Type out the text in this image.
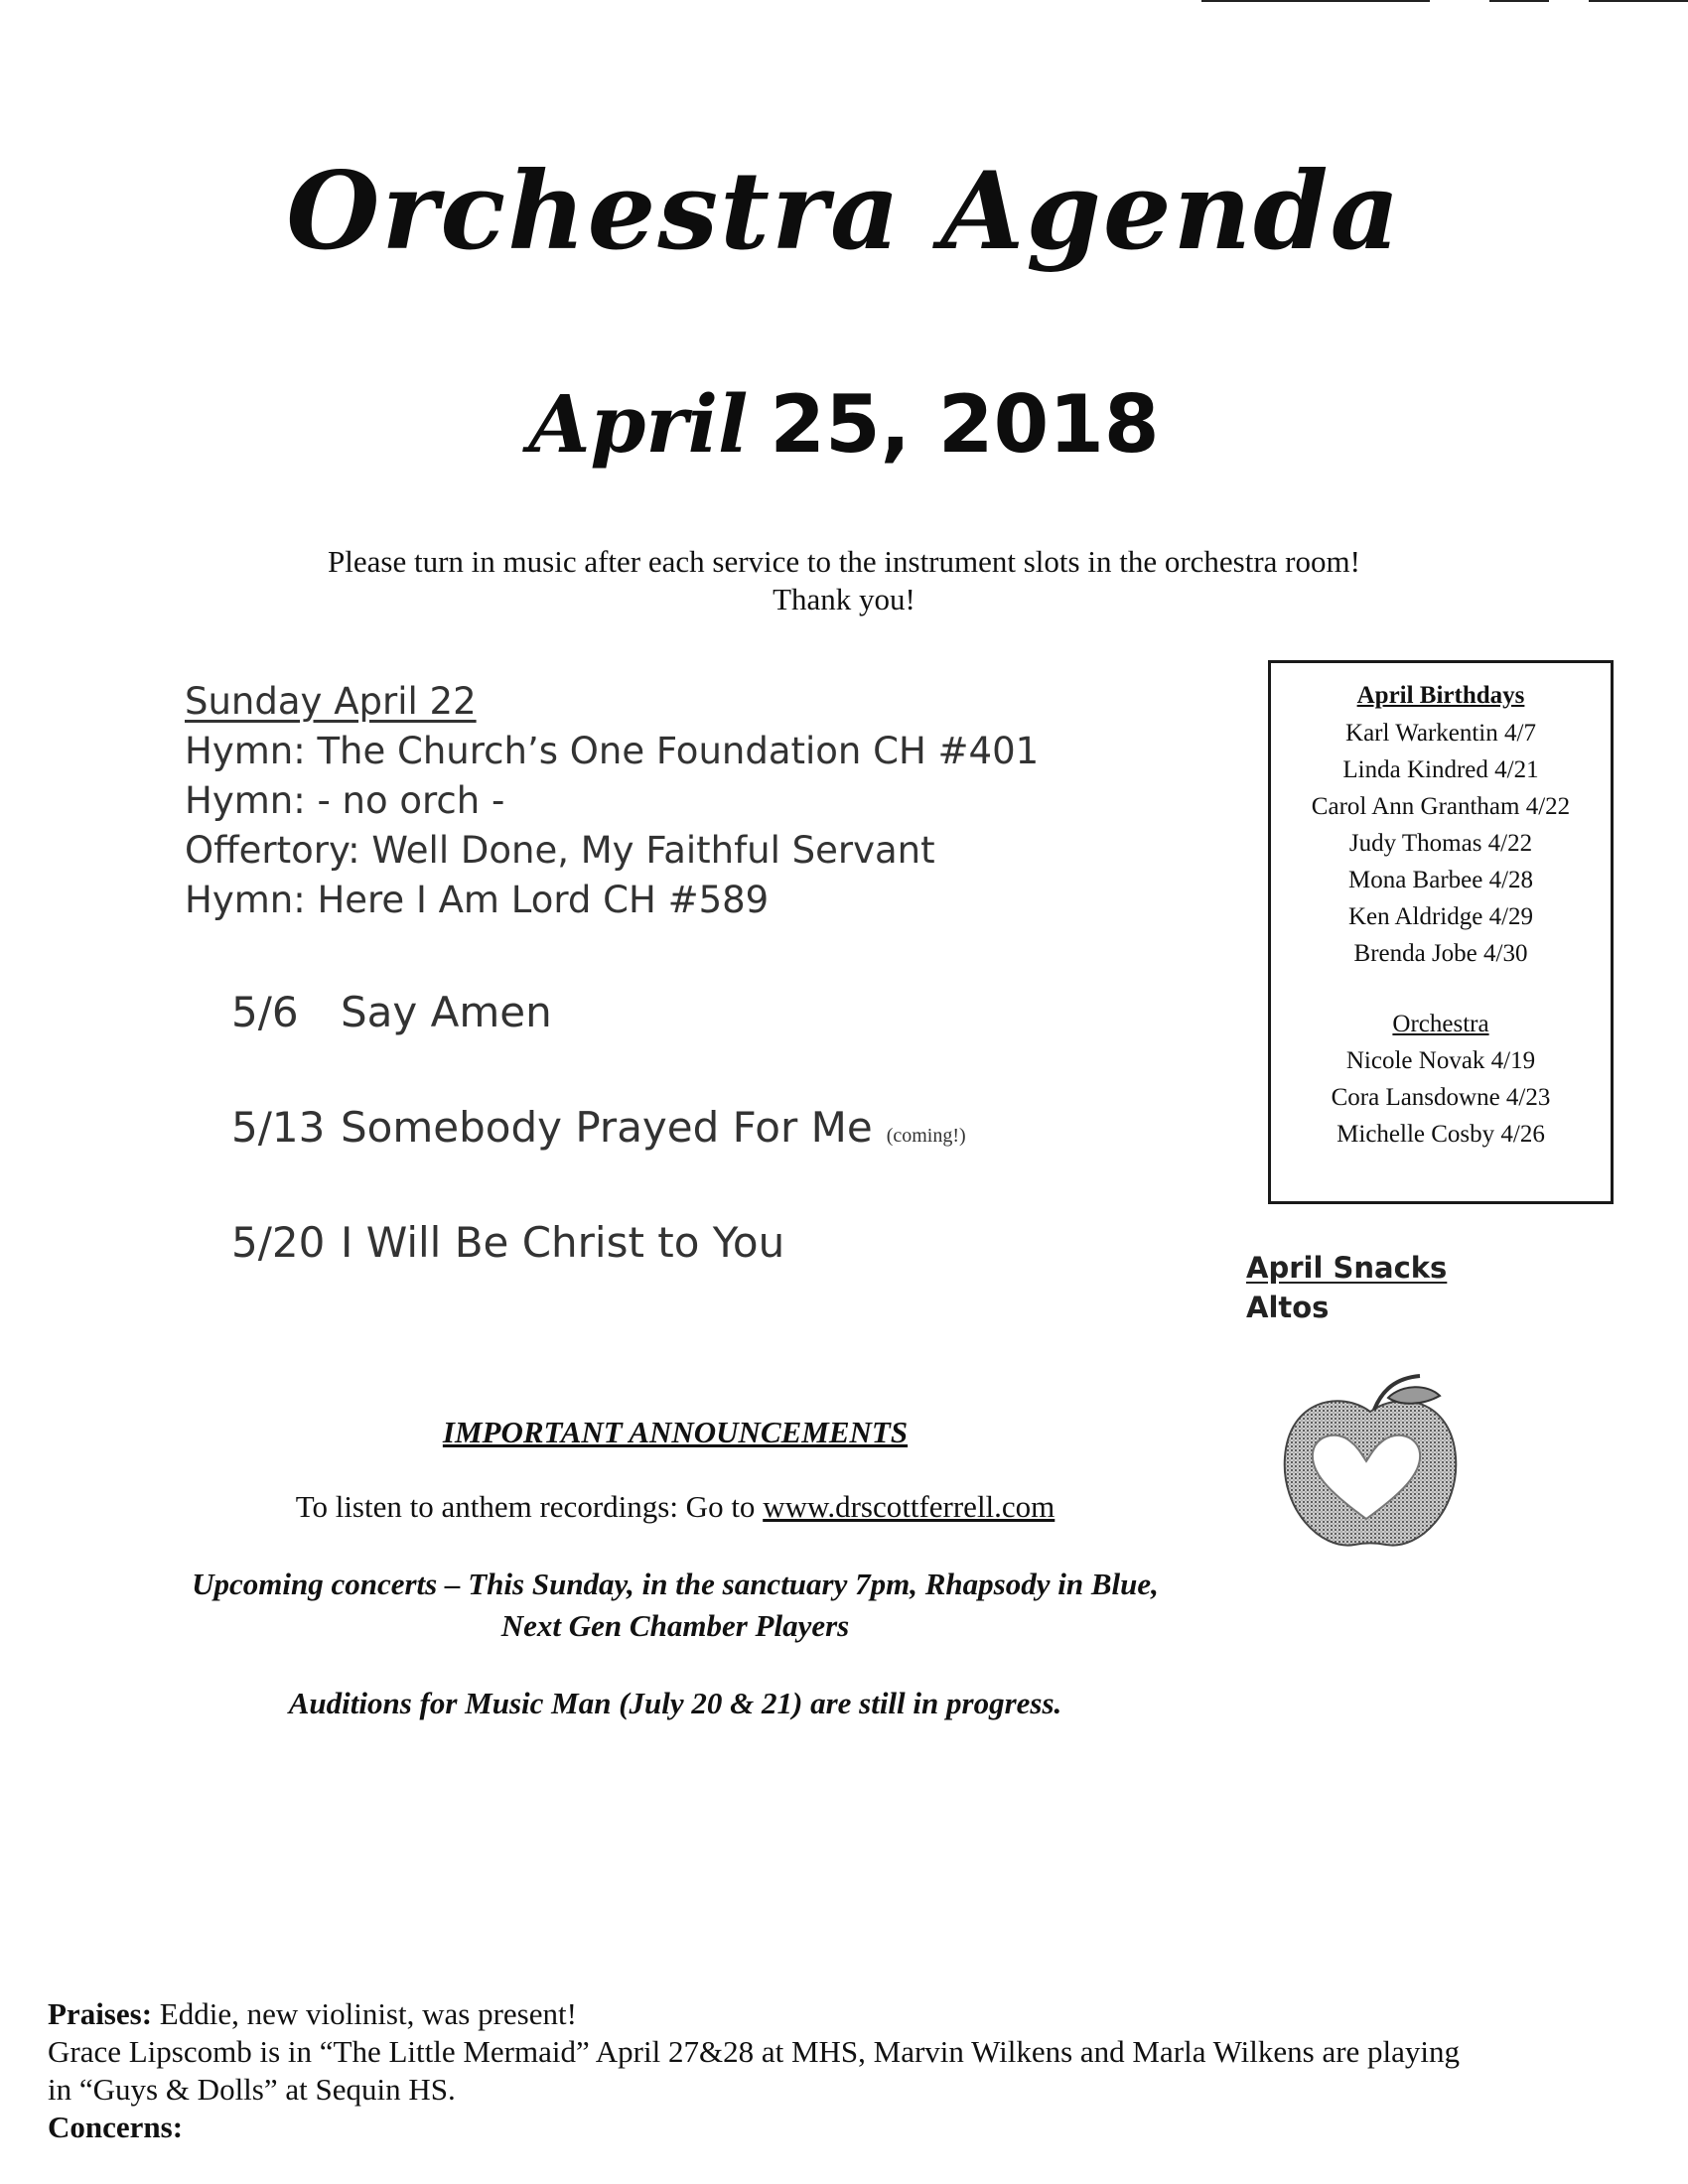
Orchestra Agenda
April 25, 2018
Please turn in music after each service to the instrument slots in the orchestra room!
Thank you!
Sunday April 22
Hymn: The Church’s One Foundation CH #401
Hymn: - no orch -
Offertory: Well Done, My Faithful Servant
Hymn: Here I Am Lord CH #589
5/6 Say Amen
5/13 Somebody Prayed For Me (coming!)
5/20 I Will Be Christ to You
April Birthdays
Karl Warkentin 4/7
Linda Kindred 4/21
Carol Ann Grantham 4/22
Judy Thomas 4/22
Mona Barbee 4/28
Ken Aldridge 4/29
Brenda Jobe 4/30
Orchestra
Nicole Novak 4/19
Cora Lansdowne 4/23
Michelle Cosby 4/26
April Snacks
Altos
IMPORTANT ANNOUNCEMENTS
To listen to anthem recordings: Go to www.drscottferrell.com
Upcoming concerts – This Sunday, in the sanctuary 7pm, Rhapsody in Blue,
Next Gen Chamber Players
Auditions for Music Man (July 20 & 21) are still in progress.
Praises: Eddie, new violinist, was present!
Grace Lipscomb is in “The Little Mermaid” April 27&28 at MHS, Marvin Wilkens and Marla Wilkens are playing
in “Guys & Dolls” at Sequin HS.
Concerns:
